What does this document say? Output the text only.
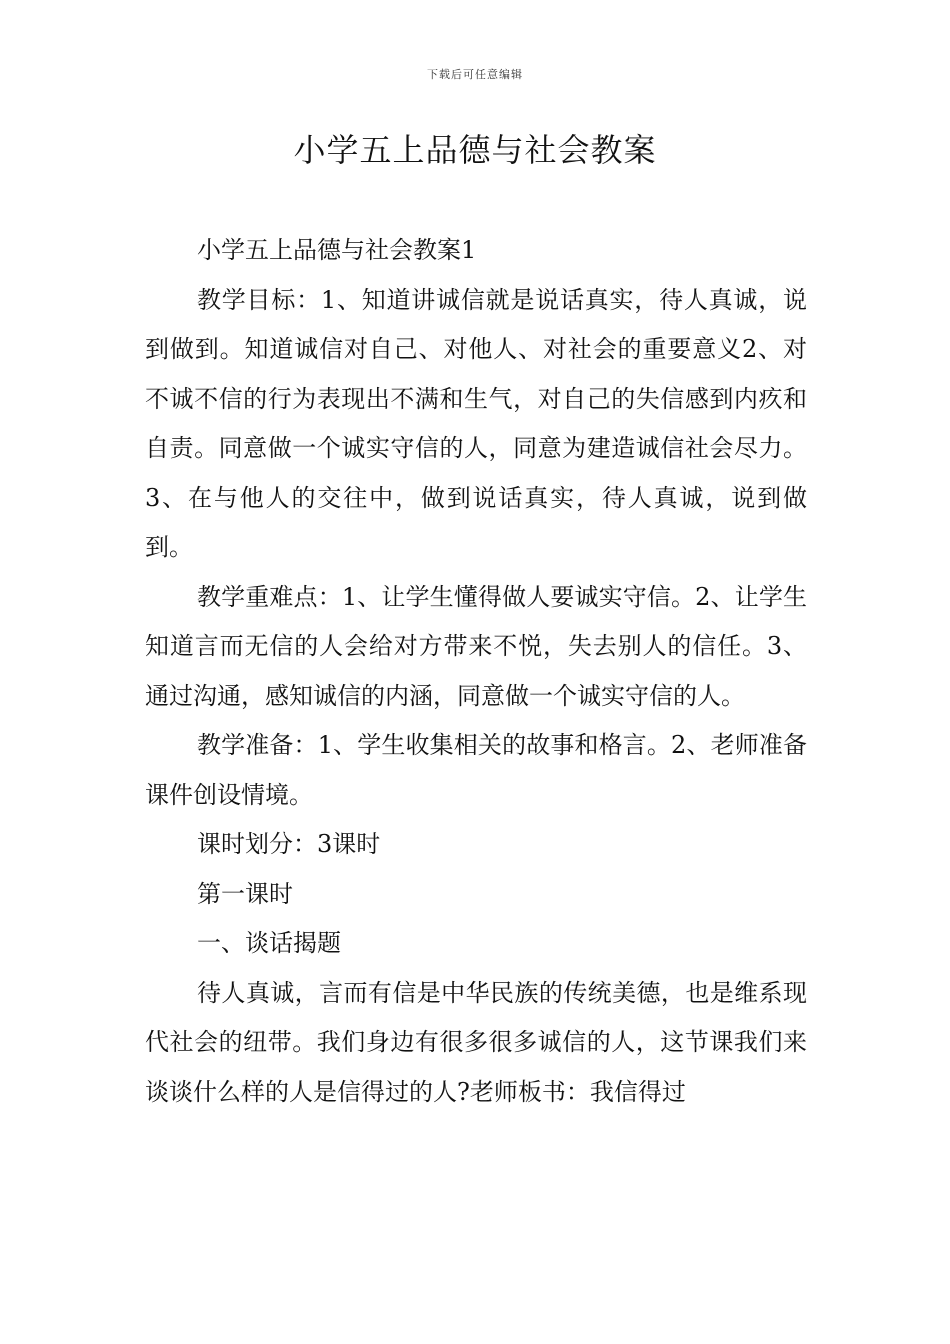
下载后可任意编辑
小学五上品德与社会教案

小学五上品德与社会教案1

教学目标：1、知道讲诚信就是说话真实，待人真诚，说到做到。知道诚信对自己、对他人、对社会的重要意义2、对不诚不信的行为表现出不满和生气，对自己的失信感到内疚和自责。同意做一个诚实守信的人，同意为建造诚信社会尽力。3、在与他人的交往中，做到说话真实，待人真诚，说到做到。

教学重难点：1、让学生懂得做人要诚实守信。2、让学生知道言而无信的人会给对方带来不悦，失去别人的信任。3、通过沟通，感知诚信的内涵，同意做一个诚实守信的人。

教学准备：1、学生收集相关的故事和格言。2、老师准备课件创设情境。

课时划分：3课时

第一课时

一、谈话揭题

待人真诚，言而有信是中华民族的传统美德，也是维系现代社会的纽带。我们身边有很多很多诚信的人，这节课我们来谈谈什么样的人是信得过的人?老师板书：我信得过
